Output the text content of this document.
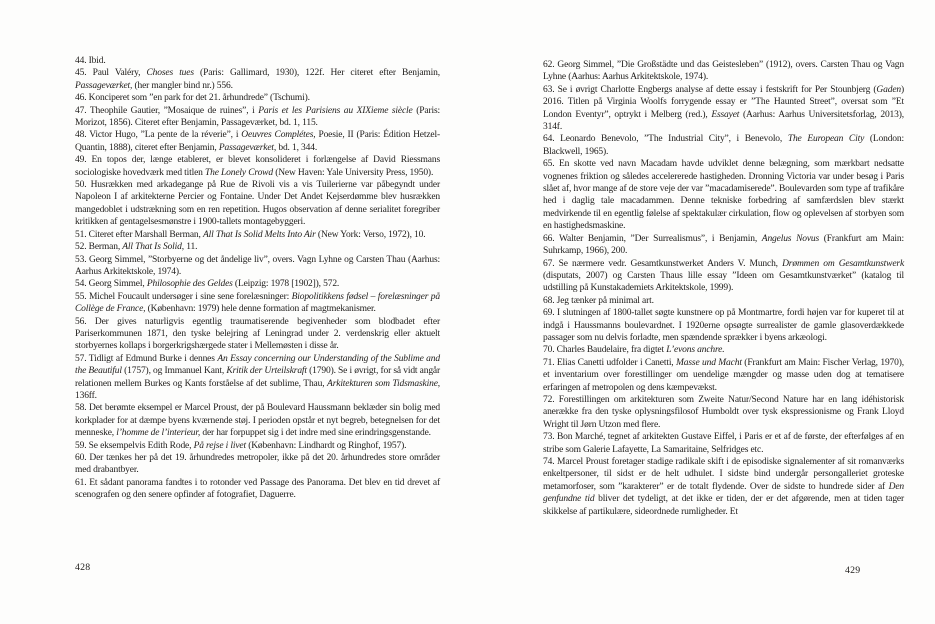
44. Ibid.

45. Paul Valéry, Choses tues (Paris: Gallimard, 1930), 122f. Her citeret efter Benjamin, Passageværket, (her mangler bind nr.) 556.

46. Konciperet som ”en park for det 21. århundrede” (Tschumi).

47. Theophile Gautier, ”Mosaique de ruines”, i Paris et les Parisiens au XIXieme siècle (Paris: Morizot, 1856). Citeret efter Benjamin, Passageværket, bd. 1, 115.

48. Victor Hugo, ”La pente de la réverie”, i Oeuvres Complétes, Poesie, II (Paris: Édition Hetzel-Quantin, 1888), citeret efter Benjamin, Passageværket, bd. 1, 344.

49. En topos der, længe etableret, er blevet konsolideret i forlængelse af David Riessmans sociologiske hovedværk med titlen The Lonely Crowd (New Haven: Yale University Press, 1950).

50. Husrækken med arkadegange på Rue de Rivoli vis a vis Tuilerierne var påbegyndt under Napoleon I af arkitekterne Percier og Fontaine. Under Det Andet Kejserdømme blev husrækken mangedoblet i udstrækning som en ren repetition. Hugos observation af denne serialitet foregriber kritikken af gentagelsesmønstre i 1900-tallets montagebyggeri.

51. Citeret efter Marshall Berman, All That Is Solid Melts Into Air (New York: Verso, 1972), 10.

52. Berman, All That Is Solid, 11.

53. Georg Simmel, ”Storbyerne og det åndelige liv”, overs. Vagn Lyhne og Carsten Thau (Aarhus: Aarhus Arkitektskole, 1974).

54. Georg Simmel, Philosophie des Geldes (Leipzig: 1978 [1902]), 572.

55. Michel Foucault undersøger i sine sene forelæsninger: Biopolitikkens fødsel – forelæsninger på Collège de France, (København: 1979) hele denne formation af magtmekanismer.

56. Der gives naturligvis egentlig traumatiserende begivenheder som blodbadet efter Pariserkommunen 1871, den tyske belejring af Leningrad under 2. verdenskrig eller aktuelt storbyernes kollaps i borgerkrigshærgede stater i Mellemøsten i disse år.

57. Tidligt af Edmund Burke i dennes An Essay concerning our Understanding of the Sublime and the Beautiful (1757), og Immanuel Kant, Kritik der Urteilskraft (1790). Se i øvrigt, for så vidt angår relationen mellem Burkes og Kants forståelse af det sublime, Thau, Arkitekturen som Tidsmaskine, 136ff.

58. Det berømte eksempel er Marcel Proust, der på Boulevard Haussmann beklæder sin bolig med korkplader for at dæmpe byens kværnende støj. I perioden opstår et nyt begreb, betegnelsen for det menneske, l’homme de l’interieur, der har forpuppet sig i det indre med sine erindringsgenstande.

59. Se eksempelvis Edith Rode, På rejse i livet (København: Lindhardt og Ringhof, 1957).

60. Der tænkes her på det 19. århundredes metropoler, ikke på det 20. århundredes store områder med drabantbyer.

61. Et sådant panorama fandtes i to rotonder ved Passage des Panorama. Det blev en tid drevet af scenografen og den senere opfinder af fotografiet, Daguerre.

62. Georg Simmel, ”Die Großstädte und das Geistesleben” (1912), overs. Carsten Thau og Vagn Lyhne (Aarhus: Aarhus Arkitektskole, 1974).

63. Se i øvrigt Charlotte Engbergs analyse af dette essay i festskrift for Per Stounbjerg (Gaden) 2016. Titlen på Virginia Woolfs forrygende essay er ”The Haunted Street”, oversat som ”Et London Eventyr”, optrykt i Melberg (red.), Essayet (Aarhus: Aarhus Universitetsforlag, 2013), 314f.

64. Leonardo Benevolo, ”The Industrial City”, i Benevolo, The European City (London: Blackwell, 1965).

65. En skotte ved navn Macadam havde udviklet denne belægning, som mærkbart nedsatte vognenes friktion og således accelererede hastigheden. Dronning Victoria var under besøg i Paris slået af, hvor mange af de store veje der var ”macadamiserede”. Boulevarden som type af trafikåre hed i daglig tale macadammen. Denne tekniske forbedring af samfærdslen blev stærkt medvirkende til en egentlig følelse af spektakulær cirkulation, flow og oplevelsen af storbyen som en hastighedsmaskine.

66. Walter Benjamin, ”Der Surrealismus”, i Benjamin, Angelus Novus (Frankfurt am Main: Suhrkamp, 1966), 200.

67. Se nærmere vedr. Gesamtkunstwerket Anders V. Munch, Drømmen om Gesamtkunstwerk (disputats, 2007) og Carsten Thaus lille essay ”Ideen om Gesamtkunstværket” (katalog til udstilling på Kunstakademiets Arkitektskole, 1999).

68. Jeg tænker på minimal art.

69. I slutningen af 1800-tallet søgte kunstnere op på Montmartre, fordi højen var for kuperet til at indgå i Haussmanns boulevardnet. I 1920erne opsøgte surrealister de gamle glasoverdækkede passager som nu delvis forladte, men spændende sprækker i byens arkæologi.

70. Charles Baudelaire, fra digtet L’evons anchre.

71. Elias Canetti udfolder i Canetti, Masse und Macht (Frankfurt am Main: Fischer Verlag, 1970), et inventarium over forestillinger om uendelige mængder og masse uden dog at tematisere erfaringen af metropolen og dens kæmpevækst.

72. Forestillingen om arkitekturen som Zweite Natur/Second Nature har en lang idéhistorisk anerække fra den tyske oplysningsfilosof Humboldt over tysk ekspressionisme og Frank Lloyd Wright til Jørn Utzon med flere.

73. Bon Marché, tegnet af arkitekten Gustave Eiffel, i Paris er et af de første, der efterfølges af en stribe som Galerie Lafayette, La Samaritaine, Selfridges etc.

74. Marcel Proust foretager stadige radikale skift i de episodiske signalementer af sit romanværks enkeltpersoner, til sidst er de helt udhulet. I sidste bind undergår persongalleriet groteske metamorfoser, som ”karakterer” er de totalt flydende. Over de sidste to hundrede sider af Den genfundne tid bliver det tydeligt, at det ikke er tiden, der er det afgørende, men at tiden tager skikkelse af partikulære, sideordnede rumligheder. Et

428	429
